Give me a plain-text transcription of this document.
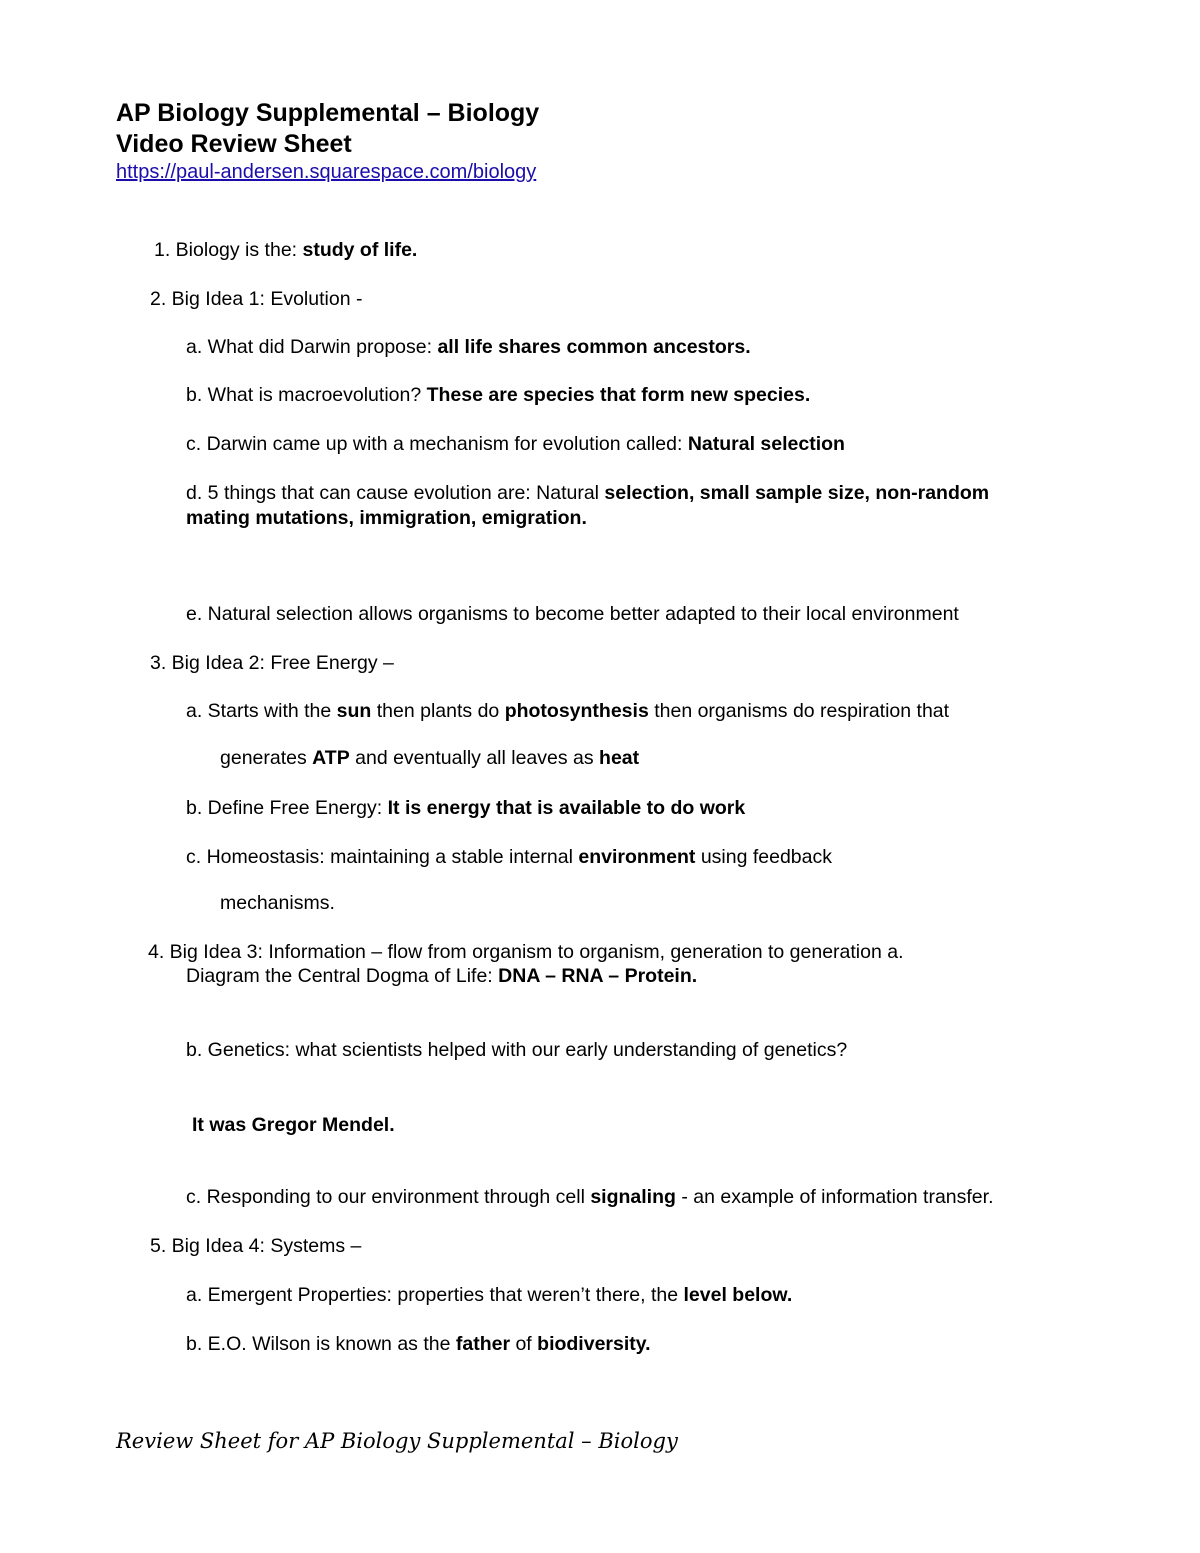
AP Biology Supplemental – Biology
Video Review Sheet
https://paul-andersen.squarespace.com/biology
1. Biology is the: study of life.
2. Big Idea 1: Evolution -
a. What did Darwin propose: all life shares common ancestors.
b. What is macroevolution? These are species that form new species.
c. Darwin came up with a mechanism for evolution called: Natural selection
d. 5 things that can cause evolution are: Natural selection, small sample size, non-random
mating mutations, immigration, emigration.
e. Natural selection allows organisms to become better adapted to their local environment
3. Big Idea 2: Free Energy –
a. Starts with the sun then plants do photosynthesis then organisms do respiration that
generates ATP and eventually all leaves as heat
b. Define Free Energy: It is energy that is available to do work
c. Homeostasis: maintaining a stable internal environment using feedback
mechanisms.
4. Big Idea 3: Information – flow from organism to organism, generation to generation a.
Diagram the Central Dogma of Life: DNA – RNA – Protein.
b. Genetics: what scientists helped with our early understanding of genetics?
It was Gregor Mendel.
c. Responding to our environment through cell signaling - an example of information transfer.
5. Big Idea 4: Systems –
a. Emergent Properties: properties that weren’t there, the level below.
b. E.O. Wilson is known as the father of biodiversity.
Review Sheet for AP Biology Supplemental – Biology
